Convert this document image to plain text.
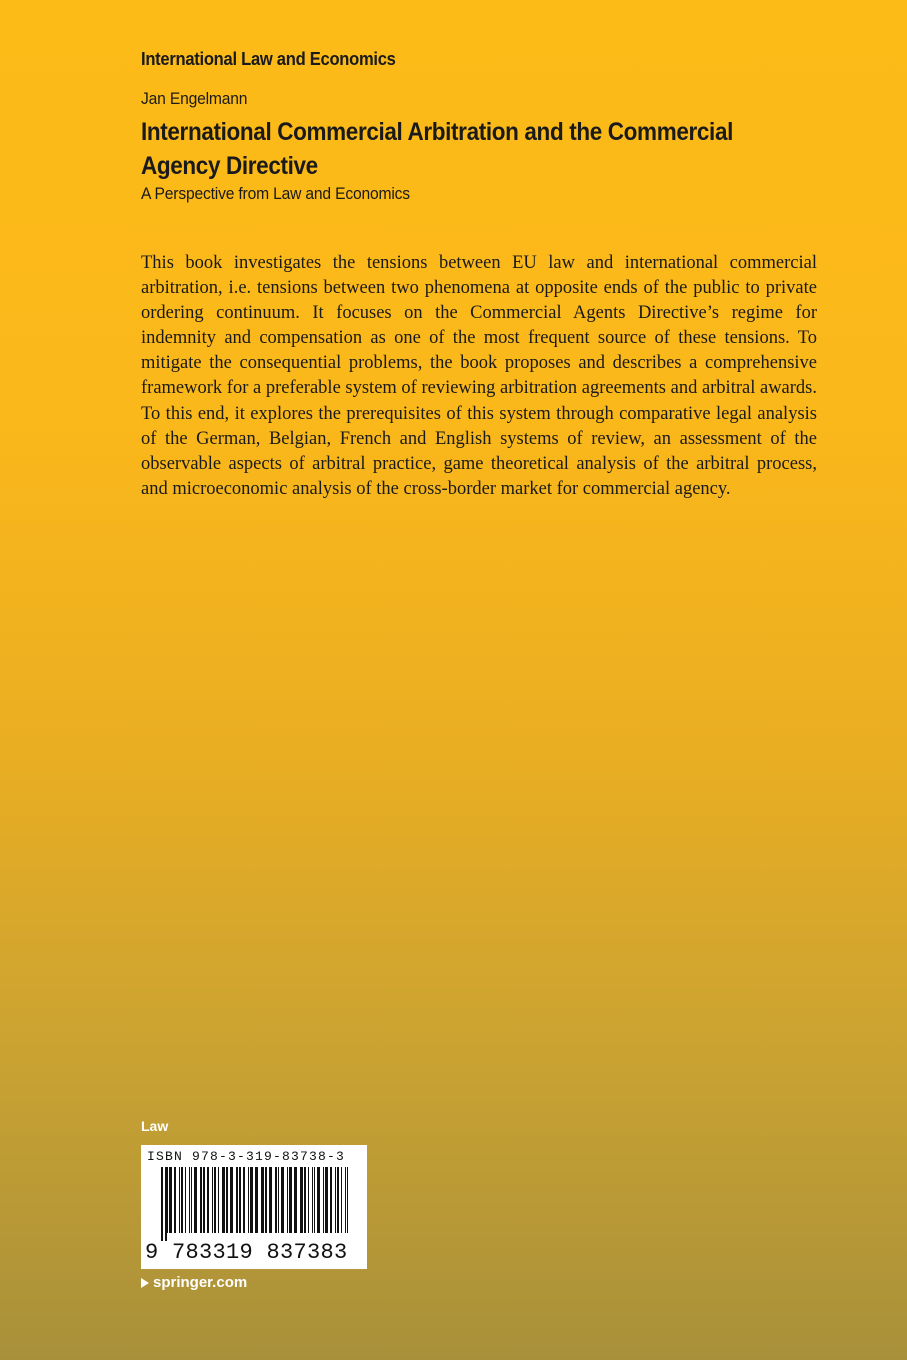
International Law and Economics
Jan Engelmann
International Commercial Arbitration and the Commercial Agency Directive
A Perspective from Law and Economics
This book investigates the tensions between EU law and international commercial arbitration, i.e. tensions between two phenomena at opposite ends of the public to private ordering continuum. It focuses on the Commercial Agents Directive’s regime for indemnity and compensation as one of the most frequent source of these tensions. To mitigate the consequential problems, the book proposes and describes a comprehensive framework for a preferable system of reviewing arbitration agreements and arbitral awards. To this end, it explores the prerequisites of this system through comparative legal analysis of the German, Belgian, French and English systems of review, an assessment of the observable aspects of arbitral practice, game theoretical analysis of the arbitral process, and microeconomic analysis of the cross-border market for commercial agency.
Law
ISBN 978-3-319-83738-3
9 783319 837383
springer.com
